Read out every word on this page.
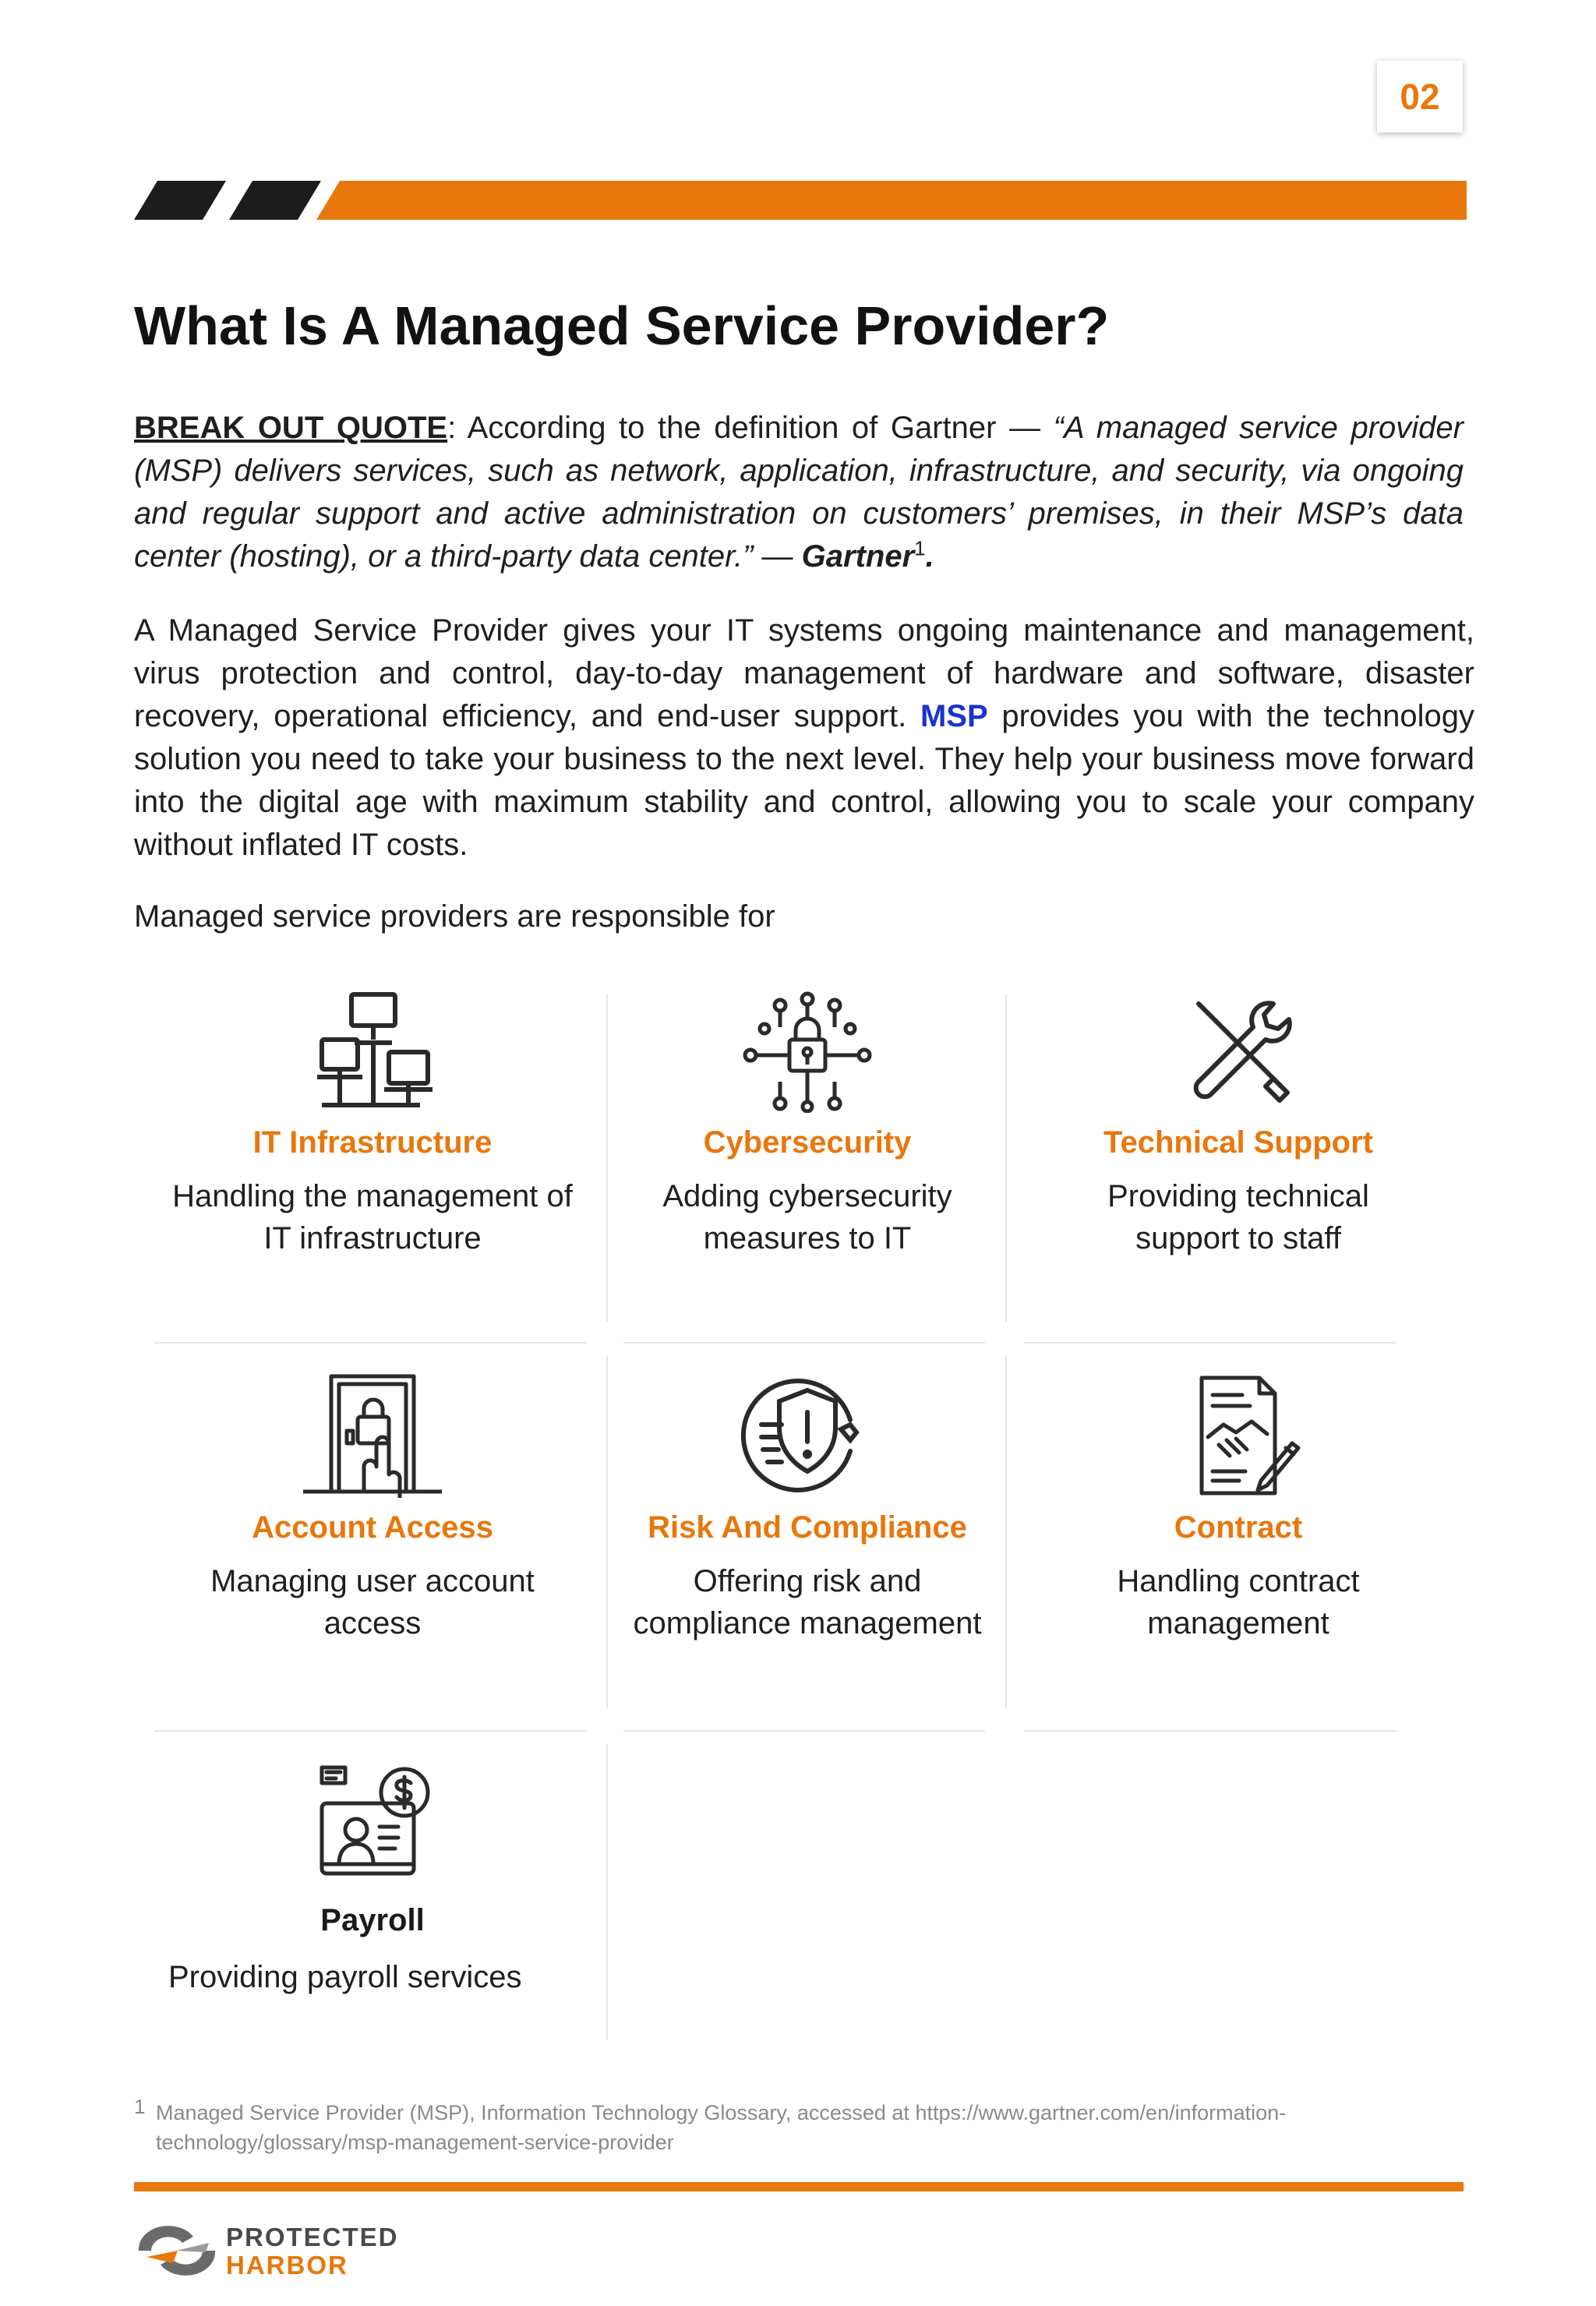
02
What Is A Managed Service Provider?
BREAK OUT QUOTE: According to the definition of Gartner — “A managed service provider (MSP) delivers services, such as network, application, infrastructure, and security, via ongoing and regular support and active administration on customers’ premises, in their MSP’s data center (hosting), or a third-party data center.” — Gartner$^1$.
A Managed Service Provider gives your IT systems ongoing maintenance and management, virus protection and control, day-to-day management of hardware and software, disaster recovery, operational efficiency, and end-user support. MSP provides you with the technology solution you need to take your business to the next level. They help your business move forward into the digital age with maximum stability and control, allowing you to scale your company without inflated IT costs.
Managed service providers are responsible for
IT Infrastructure
Handling the management of IT infrastructure
Cybersecurity
Adding cybersecurity measures to IT
Technical Support
Providing technical support to staff
Account Access
Managing user account access
Risk And Compliance
Offering risk and compliance management
Contract
Handling contract management
Payroll
Providing payroll services
1 Managed Service Provider (MSP), Information Technology Glossary, accessed at https://www.gartner.com/en/information-technology/glossary/msp-management-service-provider
PROTECTED
HARBOR
